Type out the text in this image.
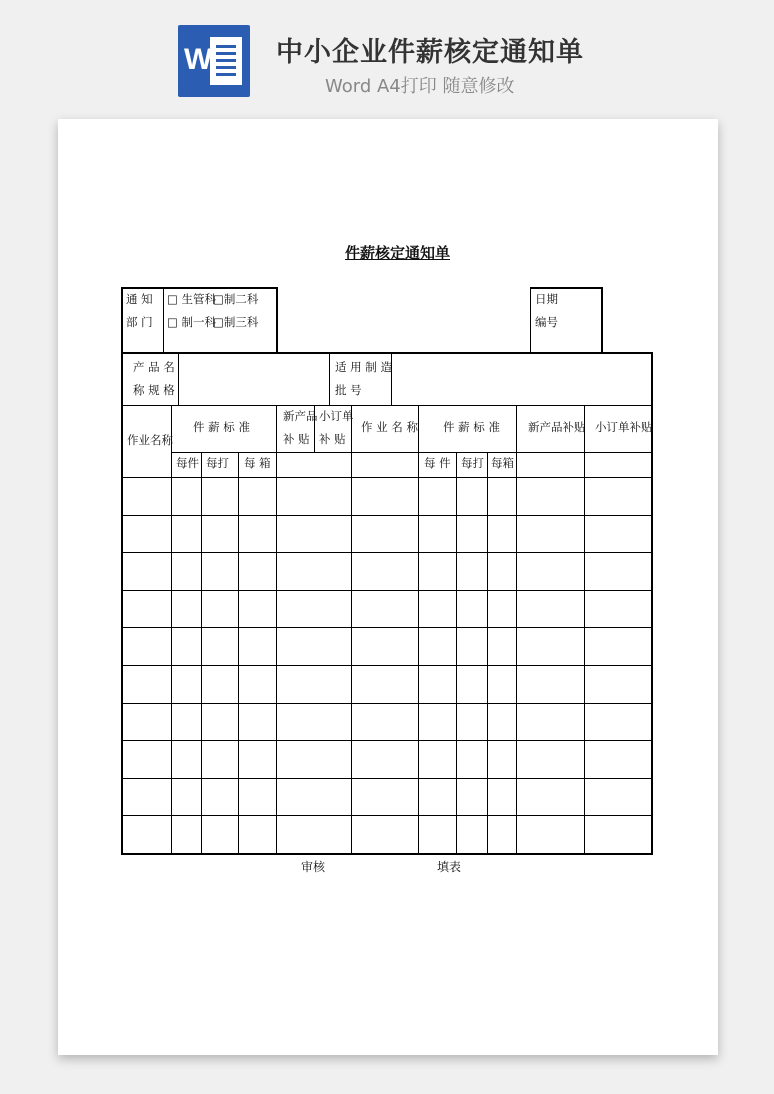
W 中小企业件薪核定通知单
Word A4打印 随意修改
件薪核定通知单
通 知
部 门
□ 生管科
□制二科
□ 制一科
□制三科
日期
编号
产 品 名
称 规 格
适 用 制 造
批 号
作业名称
件 薪 标 准
新产品
补 贴
小订单
补 贴
作 业 名 称 件 薪 标 准 新产品补贴 小订单补贴
每件 每打 每 箱	每 件 每打 每箱
审核	填表
